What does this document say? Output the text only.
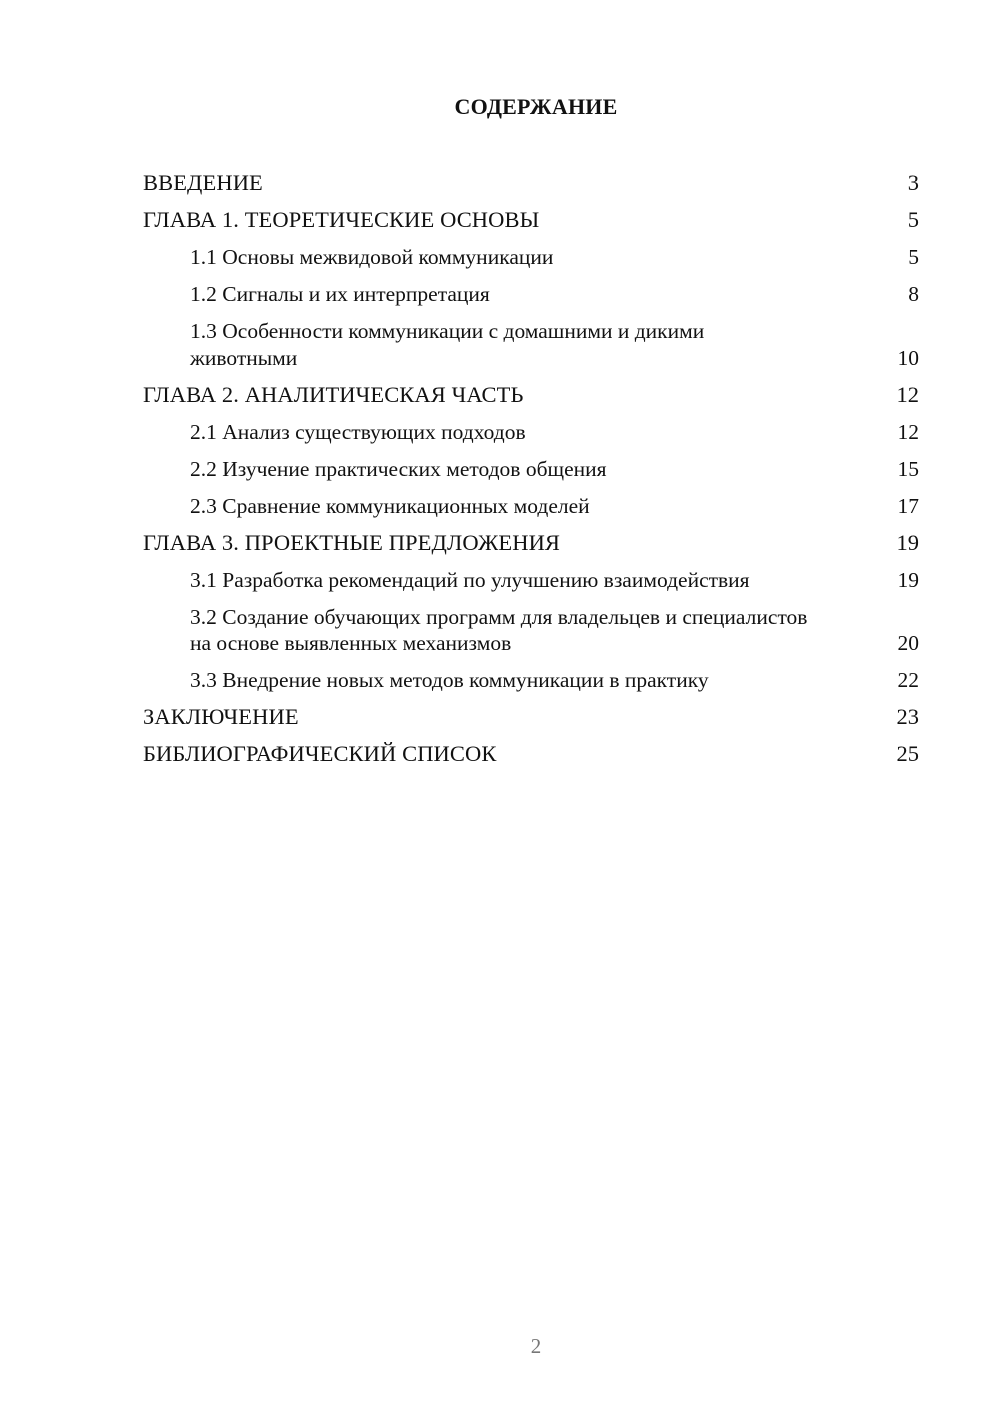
СОДЕРЖАНИЕ
ВВЕДЕНИЕ	3
ГЛАВА 1. ТЕОРЕТИЧЕСКИЕ ОСНОВЫ	5
1.1 Основы межвидовой коммуникации	5
1.2 Сигналы и их интерпретация	8
1.3 Особенности коммуникации с домашними и дикими животными	10
ГЛАВА 2. АНАЛИТИЧЕСКАЯ ЧАСТЬ	12
2.1 Анализ существующих подходов	12
2.2 Изучение практических методов общения	15
2.3 Сравнение коммуникационных моделей	17
ГЛАВА 3. ПРОЕКТНЫЕ ПРЕДЛОЖЕНИЯ	19
3.1 Разработка рекомендаций по улучшению взаимодействия	19
3.2 Создание обучающих программ для владельцев и специалистов на основе выявленных механизмов	20
3.3 Внедрение новых методов коммуникации в практику	22
ЗАКЛЮЧЕНИЕ	23
БИБЛИОГРАФИЧЕСКИЙ СПИСОК	25
2
